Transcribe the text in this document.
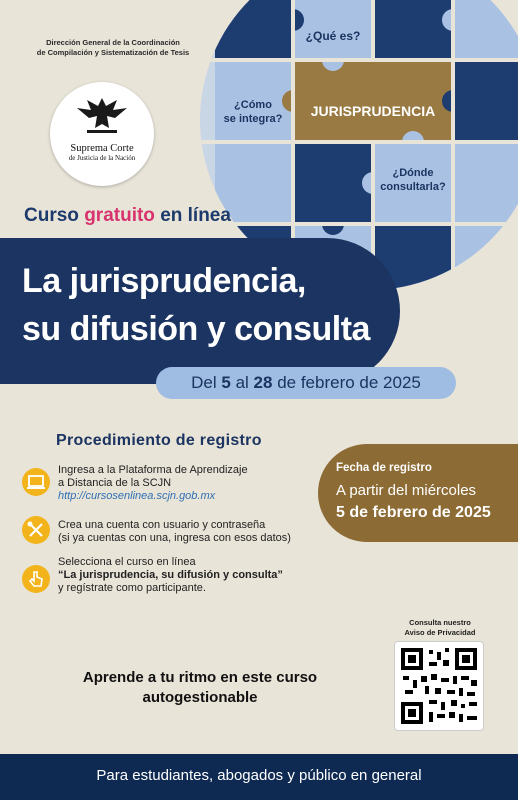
¿Qué es?
¿Cómo
se integra? JURISPRUDENCIA
¿Dónde
consultarla?
Dirección General de la Coordinación
de Compilación y Sistematización de Tesis
Suprema Corte
de Justicia de la Nación
Curso gratuito en línea
La jurisprudencia,
su difusión y consulta
Del 5 al 28 de febrero de 2025
Procedimiento de registro
Ingresa a la Plataforma de Aprendizaje
a Distancia de la SCJN
http://cursosenlinea.scjn.gob.mx
Crea una cuenta con usuario y contraseña
(si ya cuentas con una, ingresa con esos datos)
Selecciona el curso en línea
“La jurisprudencia, su difusión y consulta”
y regístrate como participante.
Fecha de registro
A partir del miércoles
5 de febrero de 2025
Consulta nuestro
Aviso de Privacidad
Aprende a tu ritmo en este curso
autogestionable
Para estudiantes, abogados y público en general
